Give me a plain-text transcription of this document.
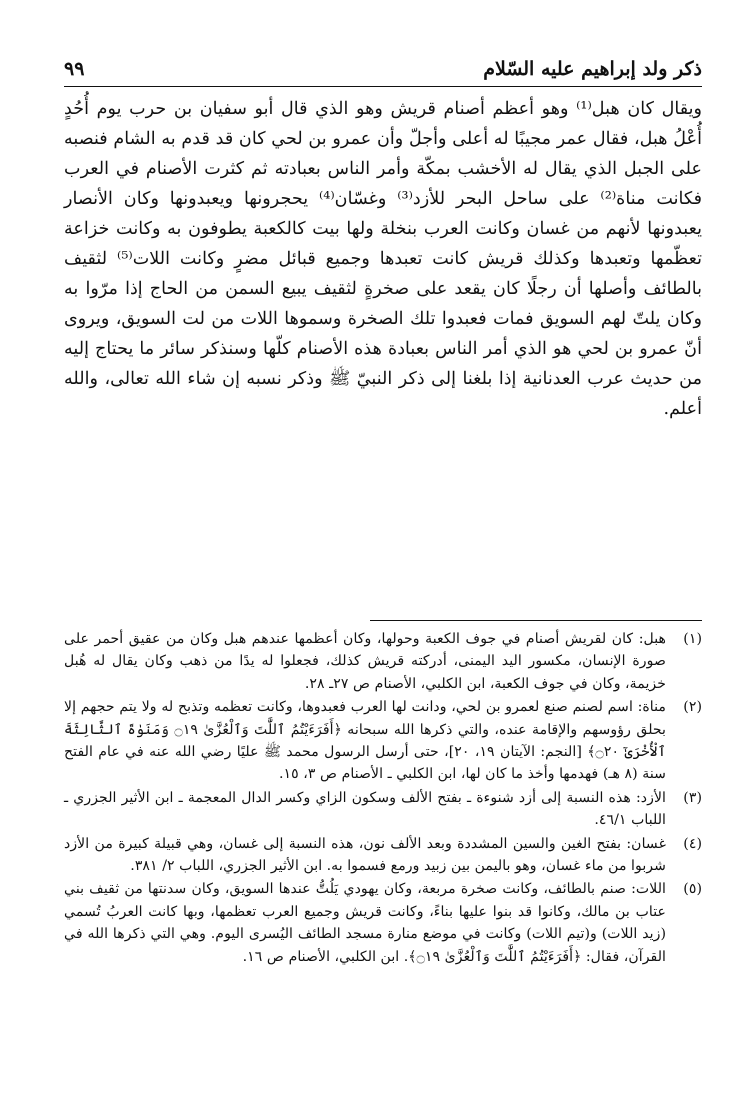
ذكر ولد إبراهيم عليه السّلام
٩٩

ويقال كان هبل⁽¹⁾ وهو أعظم أصنام قريش وهو الذي قال أبو سفيان بن حرب يوم أُحُدٍ أُعْلُ هبل، فقال عمر مجيبًا له أعلى وأجلّ وأن عمرو بن لحي كان قد قدم به الشام فنصبه على الجبل الذي يقال له الأخشب بمكّة وأمر الناس بعبادته ثم كثرت الأصنام في العرب فكانت مناة⁽²⁾ على ساحل البحر للأزد⁽³⁾ وغسّان⁽⁴⁾ يحجرونها ويعبدونها وكان الأنصار يعبدونها لأنهم من غسان وكانت العرب بنخلة ولها بيت كالكعبة يطوفون به وكانت خزاعة تعظّمها وتعبدها وكذلك قريش كانت تعبدها وجميع قبائل مضرٍ وكانت اللات⁽⁵⁾ لثقيف بالطائف وأصلها أن رجلًا كان يقعد على صخرةٍ لثقيف يبيع السمن من الحاج إذا مرّوا به وكان يلتّ لهم السويق فمات فعبدوا تلك الصخرة وسموها اللات من لت السويق، ويروى أنّ عمرو بن لحي هو الذي أمر الناس بعبادة هذه الأصنام كلّها وسنذكر سائر ما يحتاج إليه من حديث عرب العدنانية إذا بلغنا إلى ذكر النبيّ ﷺ وذكر نسبه إن شاء الله تعالى، والله أعلم.

(١)
هبل: كان لقريش أصنام في جوف الكعبة وحولها، وكان أعظمها عندهم هبل وكان من عقيق أحمر على صورة الإنسان، مكسور اليد اليمنى، أدركته قريش كذلك، فجعلوا له يدًا من ذهب وكان يقال له هُبل خزيمة، وكان في جوف الكعبة، ابن الكلبي، الأصنام ص ٢٧ـ ٢٨.
(٢)
مناة: اسم لصنم صنع لعمرو بن لحي، ودانت لها العرب فعبدوها، وكانت تعظمه وتذبح له ولا يتم حجهم إلا بحلق رؤوسهم والإقامة عنده، والتي ذكرها الله سبحانه ﴿أَفَرَءَيْتُمُ ٱللَّٰتَ وَٱلْعُزَّىٰ ۝١٩ وَمَنَوٰةَ ٱلثَّالِثَةَ ٱلْأُخْرَىٰٓ ۝٢٠﴾ [النجم: الآيتان ١٩، ٢٠]، حتى أرسل الرسول محمد ﷺ عليًا رضي الله عنه في عام الفتح سنة (٨ هـ) فهدمها وأخذ ما كان لها، ابن الكلبي ـ الأصنام ص ٣، ١٥.
(٣)
الأزد: هذه النسبة إلى أزد شنوءة ـ بفتح الألف وسكون الزاي وكسر الدال المعجمة ـ ابن الأثير الجزري ـ اللباب ٤٦/١.
(٤)
غسان: بفتح الغين والسين المشددة وبعد الألف نون، هذه النسبة إلى غسان، وهي قبيلة كبيرة من الأزد شربوا من ماء غسان، وهو باليمن بين زبيد ورمع فسموا به. ابن الأثير الجزري، اللباب ٢/ ٣٨١.
(٥)
اللات: صنم بالطائف، وكانت صخرة مربعة، وكان يهودي يَلُتُّ عندها السويق، وكان سدنتها من ثقيف بني عتاب بن مالك، وكانوا قد بنوا عليها بناءً، وكانت قريش وجميع العرب تعظمها، وبها كانت العربُ تُسمي (زيد اللات) و(تيم اللات) وكانت في موضع منارة مسجد الطائف اليُسرى اليوم. وهي التي ذكرها الله في القرآن، فقال: ﴿أَفَرَءَيْتُمُ ٱللَّٰتَ وَٱلْعُزَّىٰ ۝١٩﴾. ابن الكلبي، الأصنام ص ١٦.
